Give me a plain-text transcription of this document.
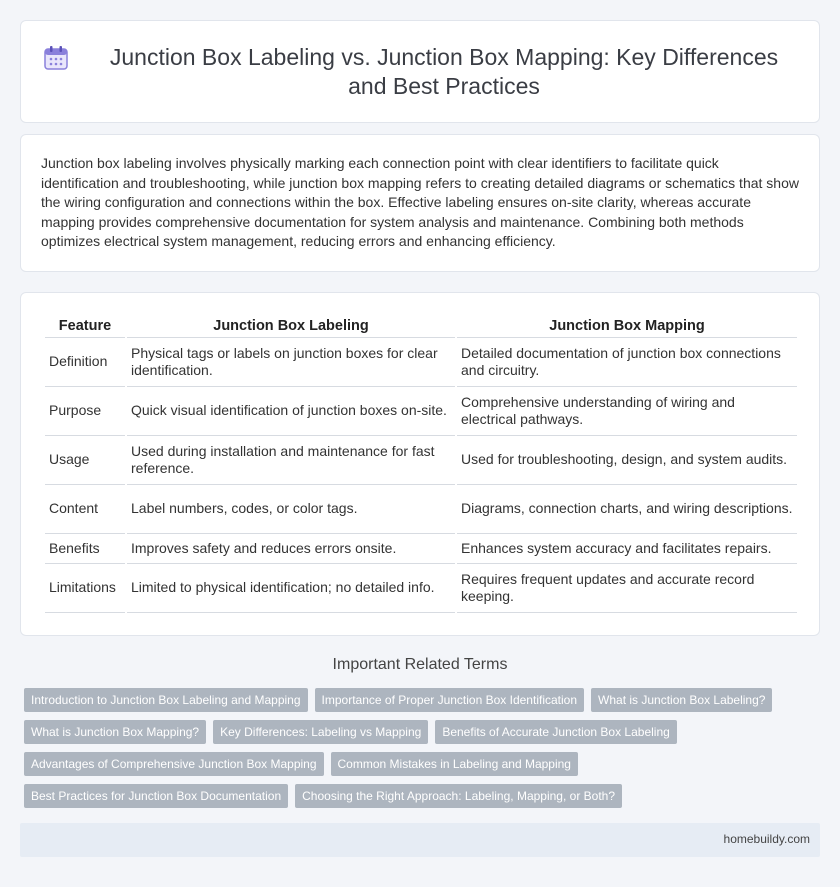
Junction Box Labeling vs. Junction Box Mapping: Key Differences and Best Practices

Junction box labeling involves physically marking each connection point with clear identifiers to facilitate quick identification and troubleshooting, while junction box mapping refers to creating detailed diagrams or schematics that show the wiring configuration and connections within the box. Effective labeling ensures on-site clarity, whereas accurate mapping provides comprehensive documentation for system analysis and maintenance. Combining both methods optimizes electrical system management, reducing errors and enhancing efficiency.

Feature	Junction Box Labeling	Junction Box Mapping
Definition	Physical tags or labels on junction boxes for clear identification.	Detailed documentation of junction box connections and circuitry.
Purpose	Quick visual identification of junction boxes on-site.	Comprehensive understanding of wiring and electrical pathways.
Usage	Used during installation and maintenance for fast reference.	Used for troubleshooting, design, and system audits.
Content	Label numbers, codes, or color tags.	Diagrams, connection charts, and wiring descriptions.
Benefits	Improves safety and reduces errors onsite.	Enhances system accuracy and facilitates repairs.
Limitations	Limited to physical identification; no detailed info.	Requires frequent updates and accurate record keeping.
Important Related Terms
Introduction to Junction Box Labeling and Mapping	Importance of Proper Junction Box Identification	What is Junction Box Labeling?
What is Junction Box Mapping?	Key Differences: Labeling vs Mapping	Benefits of Accurate Junction Box Labeling
Advantages of Comprehensive Junction Box Mapping	Common Mistakes in Labeling and Mapping
Best Practices for Junction Box Documentation	Choosing the Right Approach: Labeling, Mapping, or Both?
homebuildy.com
